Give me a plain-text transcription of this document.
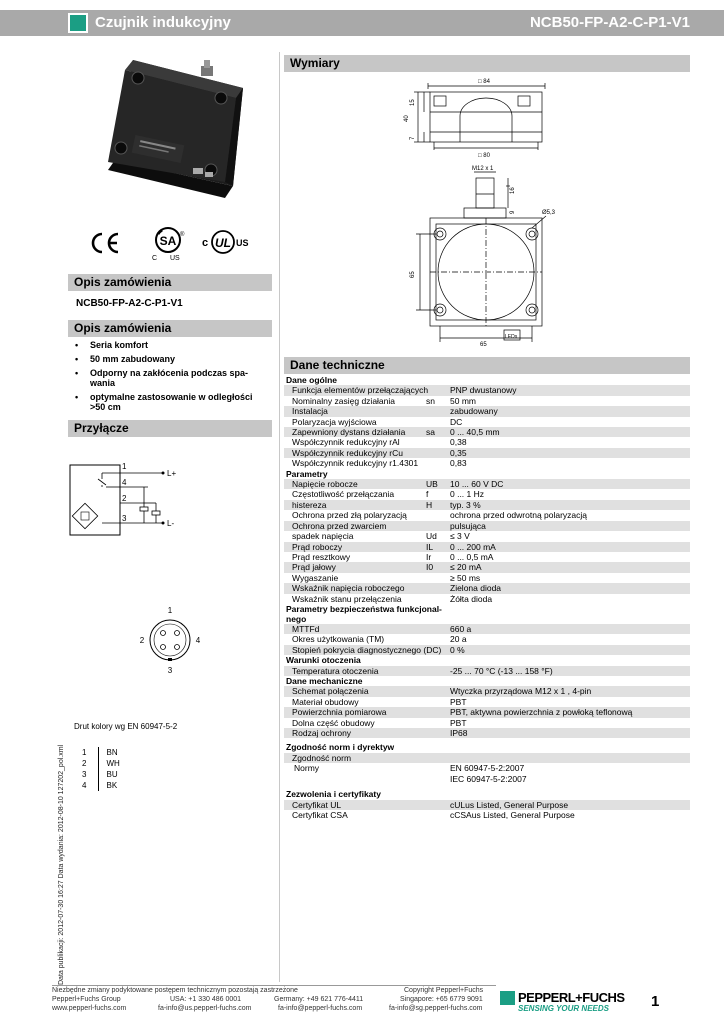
Czujnik indukcyjny	NCB50-FP-A2-C-P1-V1
SA ®
C US
c UL US
Opis zamówienia
NCB50-FP-A2-C-P1-V1
Opis zamówienia
• Seria komfort
• 50 mm zabudowany
• Odporny na zakłócenia podczas spa-wania
• optymalne zastosowanie w odległości >50 cm
Przyłącze
1
4
2
3
L+
L-
1
2	4
3
Drut kolory wg EN 60947-5-2
1	BN
2	WH
3	BU
4	BK
Data publikacji: 2012-07-30 16:27 Data wydania: 2012-08-10 127202_pol.xml
Wymiary
□ 84
□ 80
40
15
7
M12 x 1
16
9	Ø5,3
65
65
LEDs
Dane techniczne
Dane ogólne
Funkcja elementów przełączających	PNP dwustanowy
Nominalny zasięg działania	sn	50 mm
Instalacja	zabudowany
Polaryzacja wyjściowa	DC
Zapewniony dystans działania	sa	0 ... 40,5 mm
Współczynnik redukcyjny rAl	0,38
Współczynnik redukcyjny rCu	0,35
Współczynnik redukcyjny r1.4301	0,83
Parametry
Napięcie robocze	UB	10 ... 60 V DC
Częstotliwość przełączania	f	0 ... 1 Hz
histereza	H	typ. 3 %
Ochrona przed złą polaryzacją	ochrona przed odwrotną polaryzacją
Ochrona przed zwarciem	pulsująca
spadek napięcia	Ud	≤ 3 V
Prąd roboczy	IL	0 ... 200 mA
Prąd resztkowy	Ir	0 ... 0,5 mA
Prąd jałowy	I0	≤ 20 mA
Wygaszanie	≥ 50 ms
Wskaźnik napięcia roboczego	Zielona dioda
Wskaźnik stanu przełączenia	Żółta dioda
Parametry bezpieczeństwa funkcjonal-nego
MTTFd	660 a
Okres użytkowania (TM)	20 a
Stopień pokrycia diagnostycznego (DC) 0 %
Warunki otoczenia
Temperatura otoczenia	-25 ... 70 °C (-13 ... 158 °F)
Dane mechaniczne
Schemat połączenia	Wtyczka przyrządowa M12 x 1 , 4-pin
Materiał obudowy	PBT
Powierzchnia pomiarowa	PBT, aktywna powierzchnia z powłoką teflonową
Dolna część obudowy	PBT
Rodzaj ochrony	IP68
Zgodność norm i dyrektyw
Zgodność norm
Normy	EN 60947-5-2:2007
IEC 60947-5-2:2007
Zezwolenia i certyfikaty
Certyfikat UL	cULus Listed, General Purpose
Certyfikat CSA	cCSAus Listed, General Purpose
Niezbędne zmiany podyktowane postępem technicznym pozostają zastrzeżone	Copyright Pepperl+Fuchs
Pepperl+Fuchs Group
www.pepperl-fuchs.com
USA: +1 330 486 0001
fa-info@us.pepperl-fuchs.com
Germany: +49 621 776-4411
fa-info@pepperl-fuchs.com
Singapore: +65 6779 9091
fa-info@sg.pepperl-fuchs.com
PEPPERL+FUCHS
SENSING YOUR NEEDS	1
